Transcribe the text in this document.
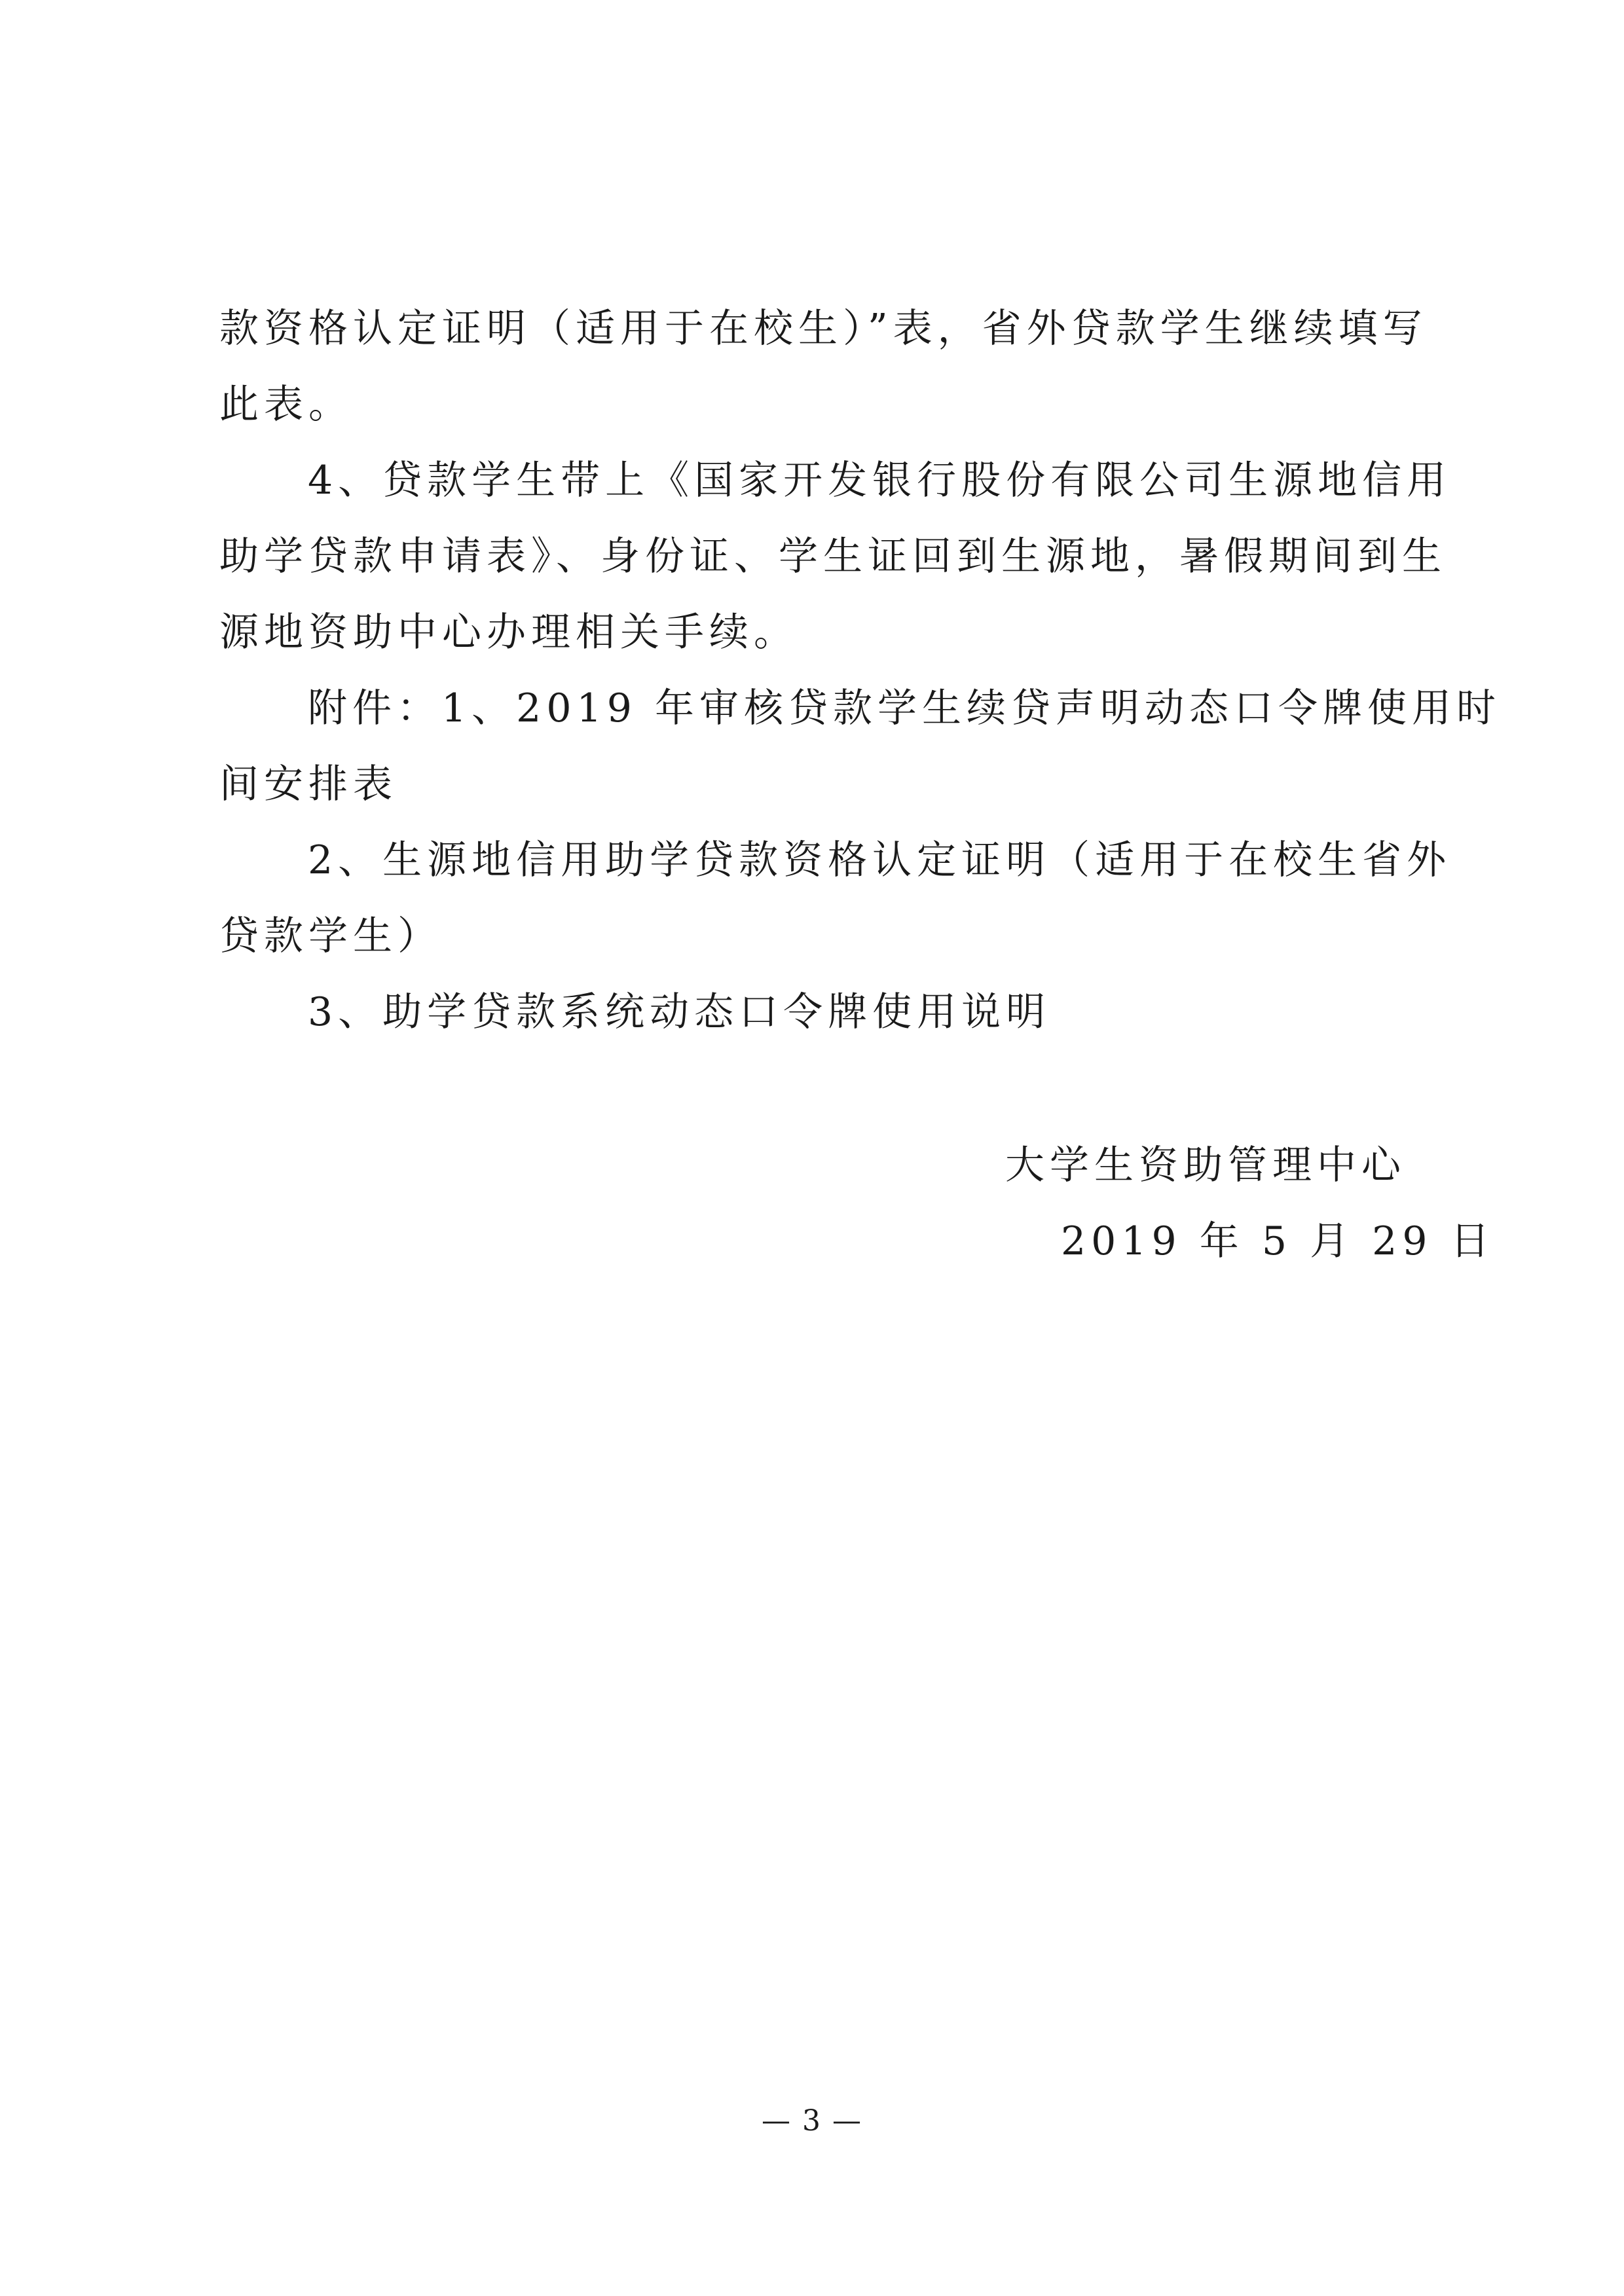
款资格认定证明（适用于在校生）”表，省外贷款学生继续填写
此表。
4、贷款学生带上《国家开发银行股份有限公司生源地信用
助学贷款申请表》、身份证、学生证回到生源地，暑假期间到生
源地资助中心办理相关手续。
附件：1、2019 年审核贷款学生续贷声明动态口令牌使用时
间安排表
2、生源地信用助学贷款资格认定证明（适用于在校生省外
贷款学生）
3、助学贷款系统动态口令牌使用说明
大学生资助管理中心
2019 年 5 月 29 日
— 3 —
